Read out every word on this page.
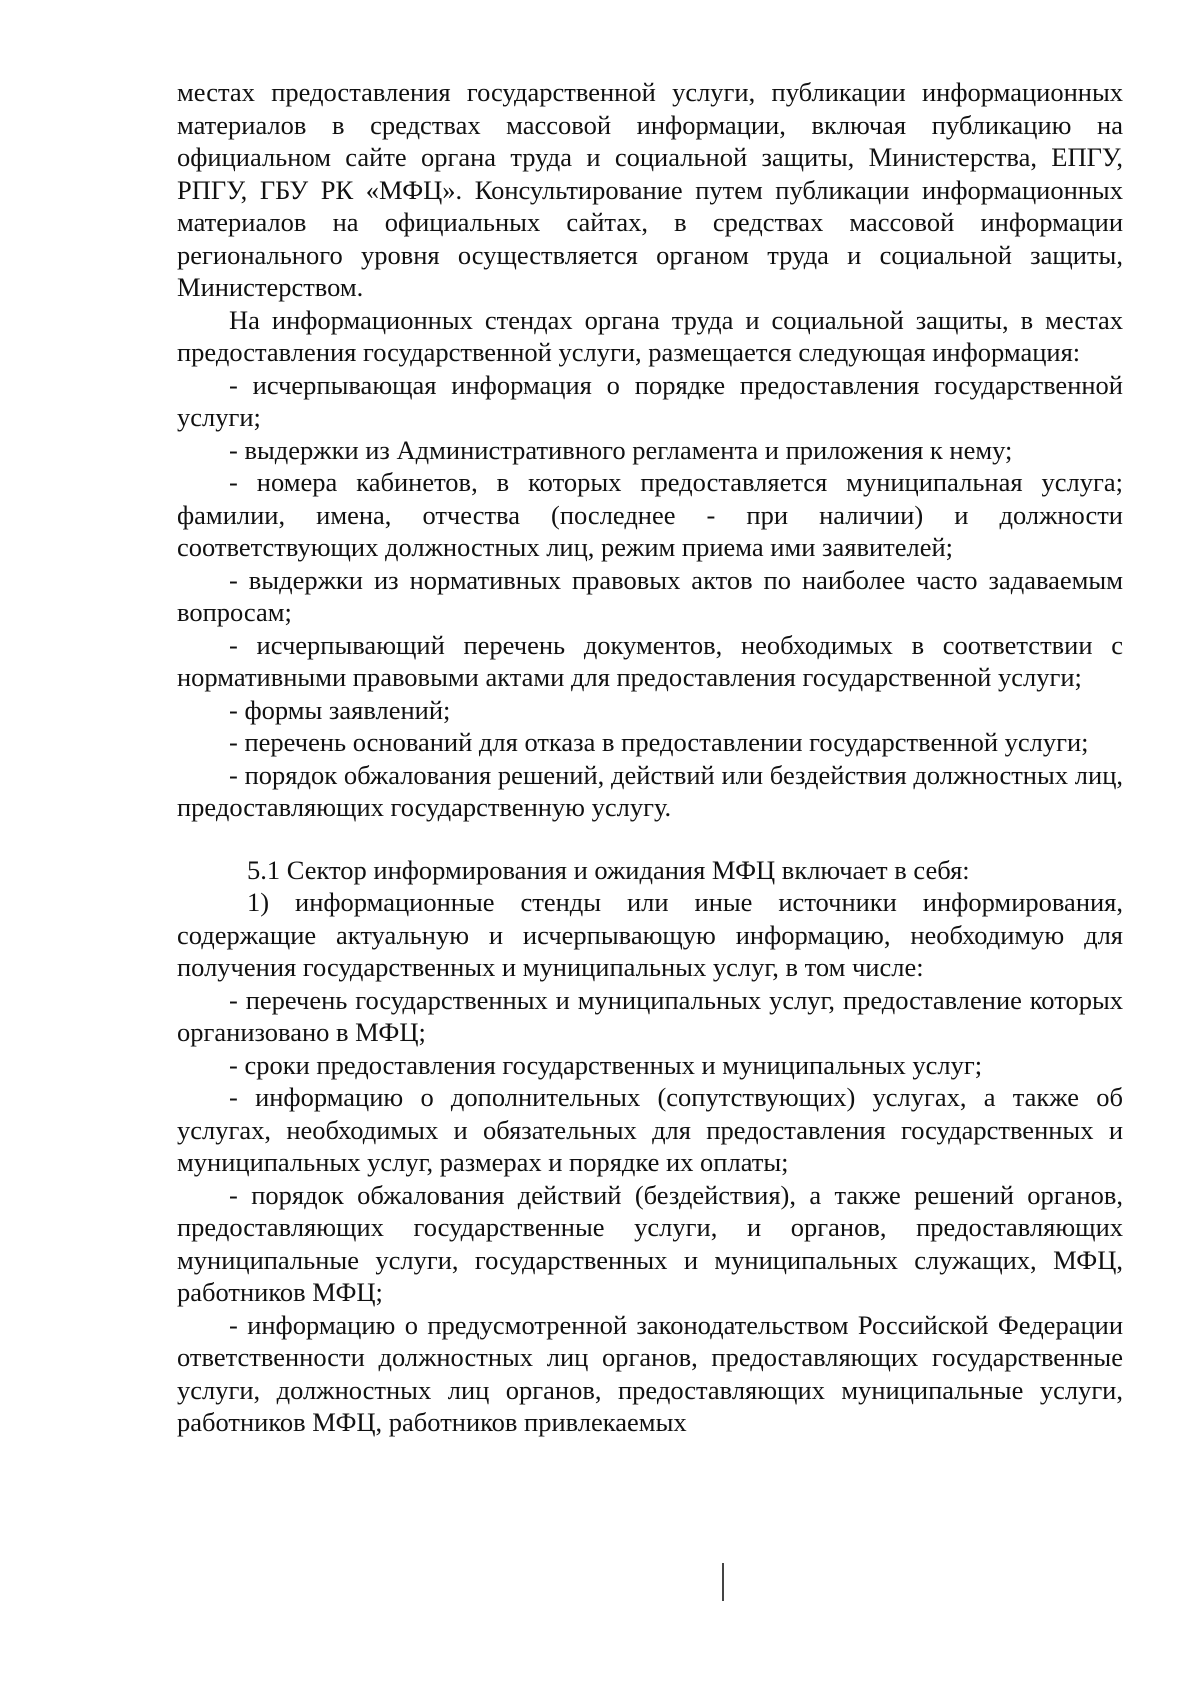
местах предоставления государственной услуги, публикации информационных материалов в средствах массовой информации, включая публикацию на официальном сайте органа труда и социальной защиты, Министерства, ЕПГУ, РПГУ, ГБУ РК «МФЦ». Консультирование путем публикации информационных материалов на официальных сайтах, в средствах массовой информации регионального уровня осуществляется органом труда и социальной защиты, Министерством.

На информационных стендах органа труда и социальной защиты, в местах предоставления государственной услуги, размещается следующая информация:

- исчерпывающая информация о порядке предоставления государственной услуги;

- выдержки из Административного регламента и приложения к нему;

- номера кабинетов, в которых предоставляется муниципальная услуга; фамилии, имена, отчества (последнее - при наличии) и должности соответствующих должностных лиц, режим приема ими заявителей;

- выдержки из нормативных правовых актов по наиболее часто задаваемым вопросам;

- исчерпывающий перечень документов, необходимых в соответствии с нормативными правовыми актами для предоставления государственной услуги;

- формы заявлений;

- перечень оснований для отказа в предоставлении государственной услуги;

- порядок обжалования решений, действий или бездействия должностных лиц, предоставляющих государственную услугу.

5.1 Сектор информирования и ожидания МФЦ включает в себя:

1) информационные стенды или иные источники информирования, содержащие актуальную и исчерпывающую информацию, необходимую для получения государственных и муниципальных услуг, в том числе:

- перечень государственных и муниципальных услуг, предоставление которых организовано в МФЦ;

- сроки предоставления государственных и муниципальных услуг;

- информацию о дополнительных (сопутствующих) услугах, а также об услугах, необходимых и обязательных для предоставления государственных и муниципальных услуг, размерах и порядке их оплаты;

- порядок обжалования действий (бездействия), а также решений органов, предоставляющих государственные услуги, и органов, предоставляющих муниципальные услуги, государственных и муниципальных служащих, МФЦ, работников МФЦ;

- информацию о предусмотренной законодательством Российской Федерации ответственности должностных лиц органов, предоставляющих государственные услуги, должностных лиц органов, предоставляющих муниципальные услуги, работников МФЦ, работников привлекаемых
